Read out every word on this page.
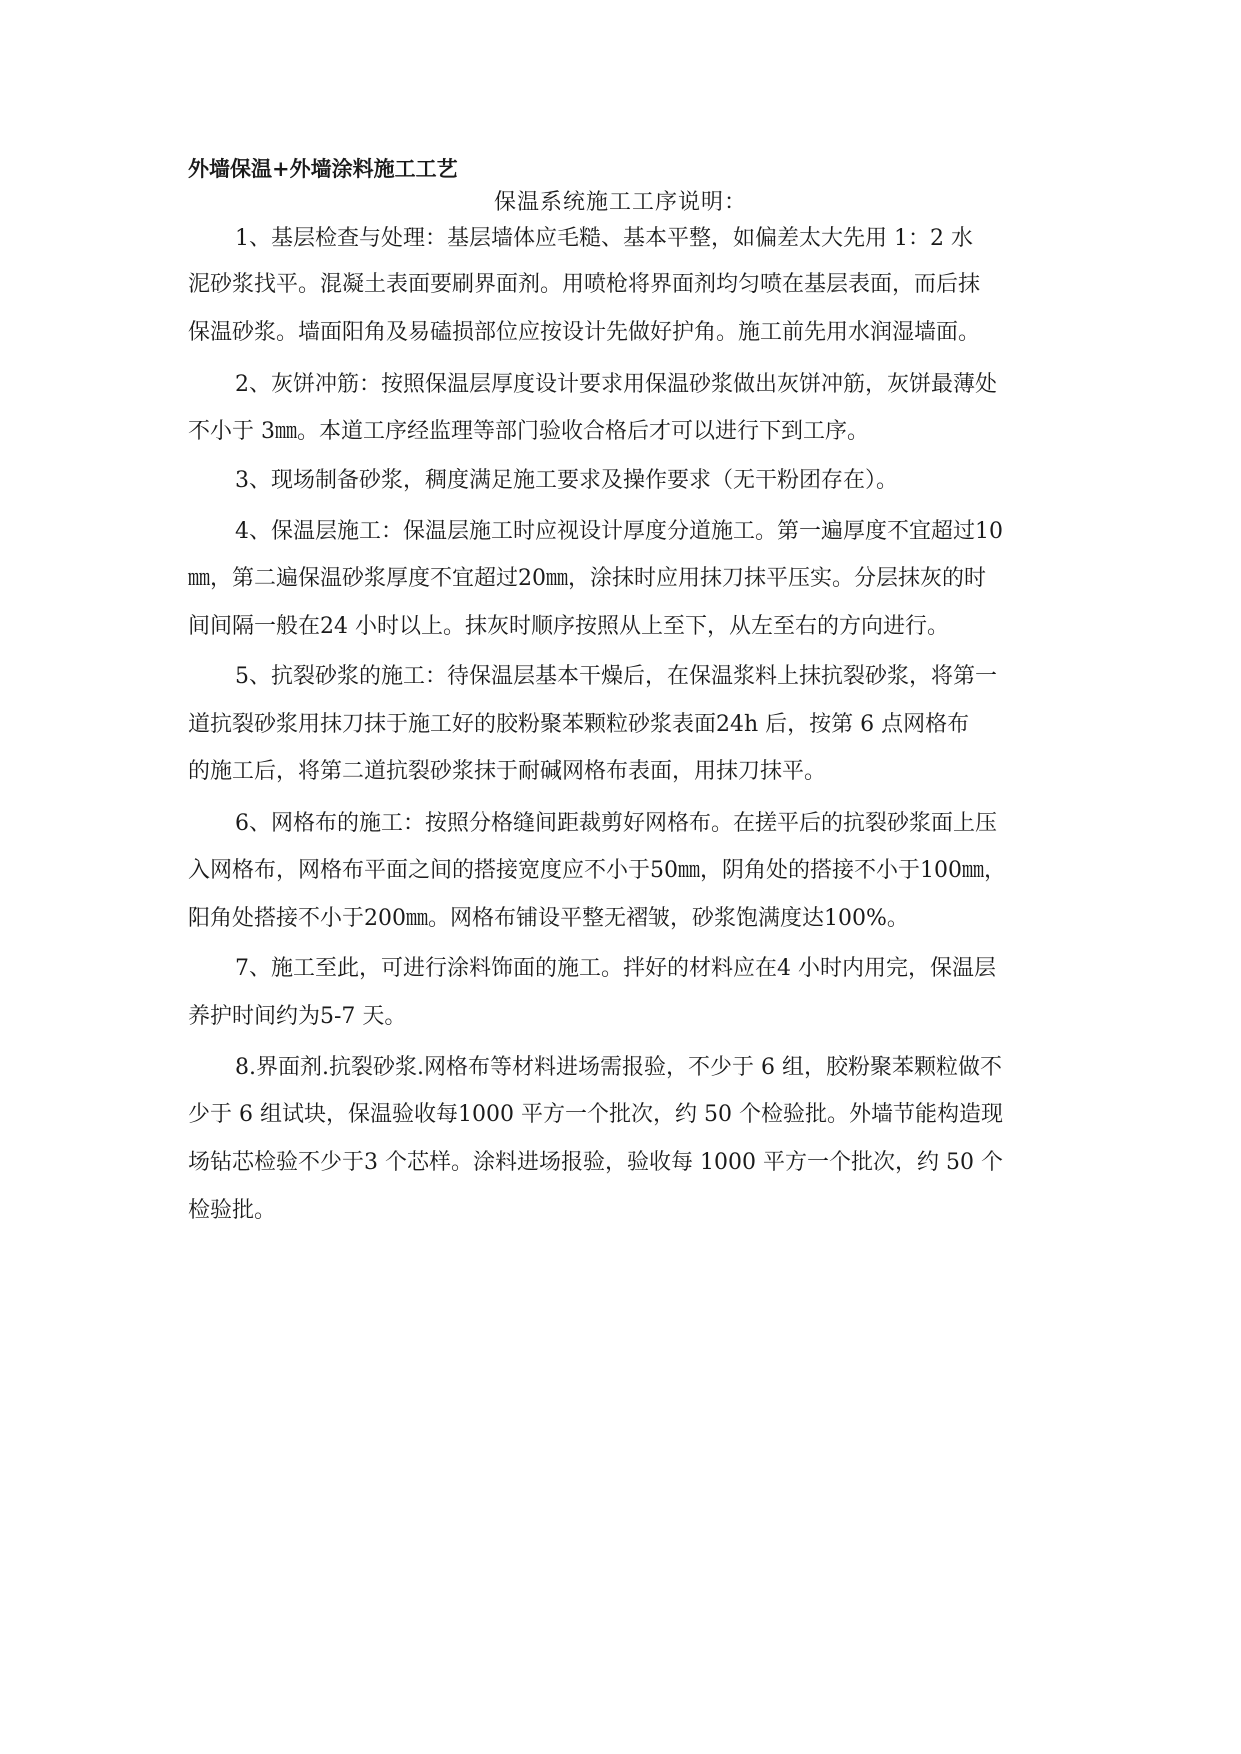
外墙保温+外墙涂料施工工艺
保温系统施工工序说明：
1、基层检查与处理：基层墙体应毛糙、基本平整，如偏差太大先用 1：2 水
泥砂浆找平。混凝土表面要刷界面剂。用喷枪将界面剂均匀喷在基层表面，而后抹
保温砂浆。墙面阳角及易磕损部位应按设计先做好护角。施工前先用水润湿墙面。
2、灰饼冲筋：按照保温层厚度设计要求用保温砂浆做出灰饼冲筋，灰饼最薄处
不小于 3㎜。本道工序经监理等部门验收合格后才可以进行下到工序。
3、现场制备砂浆，稠度满足施工要求及操作要求（无干粉团存在）。
4、保温层施工：保温层施工时应视设计厚度分道施工。第一遍厚度不宜超过10
㎜，第二遍保温砂浆厚度不宜超过20㎜，涂抹时应用抹刀抹平压实。分层抹灰的时
间间隔一般在24 小时以上。抹灰时顺序按照从上至下，从左至右的方向进行。
5、抗裂砂浆的施工：待保温层基本干燥后，在保温浆料上抹抗裂砂浆，将第一
道抗裂砂浆用抹刀抹于施工好的胶粉聚苯颗粒砂浆表面24h 后，按第 6 点网格布
的施工后，将第二道抗裂砂浆抹于耐碱网格布表面，用抹刀抹平。
6、网格布的施工：按照分格缝间距裁剪好网格布。在搓平后的抗裂砂浆面上压
入网格布，网格布平面之间的搭接宽度应不小于50㎜，阴角处的搭接不小于100㎜，
阳角处搭接不小于200㎜。网格布铺设平整无褶皱，砂浆饱满度达100%。
7、施工至此，可进行涂料饰面的施工。拌好的材料应在4 小时内用完，保温层
养护时间约为5-7 天。
8.界面剂.抗裂砂浆.网格布等材料进场需报验，不少于 6 组，胶粉聚苯颗粒做不
少于 6 组试块，保温验收每1000 平方一个批次，约 50 个检验批。外墙节能构造现
场钻芯检验不少于3 个芯样。涂料进场报验，验收每 1000 平方一个批次，约 50 个
检验批。
